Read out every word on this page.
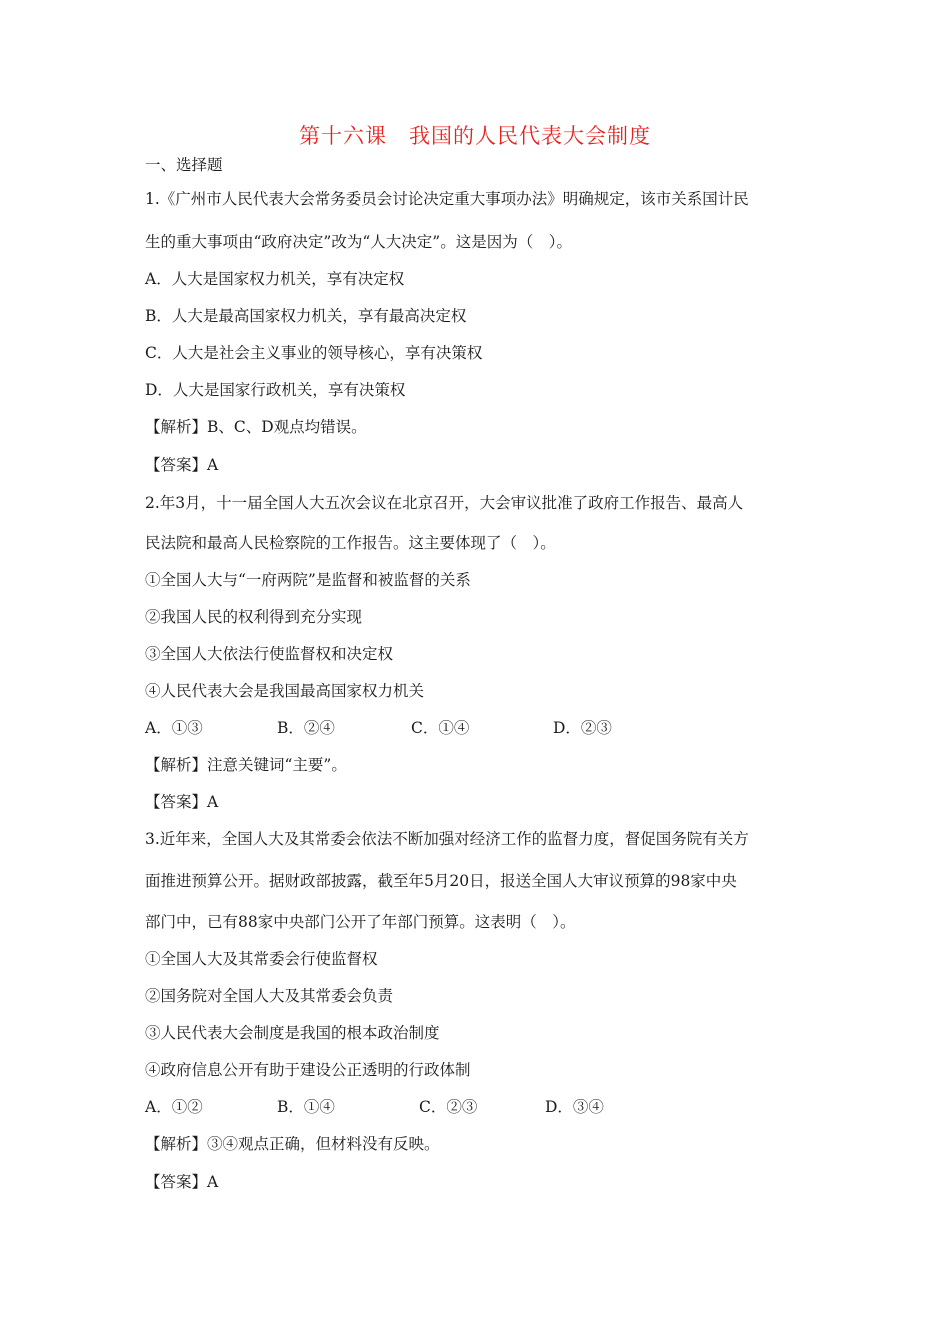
第十六课　我国的人民代表大会制度
一、选择题
1.《广州市人民代表大会常务委员会讨论决定重大事项办法》明确规定，该市关系国计民
生的重大事项由“政府决定”改为“人大决定”。这是因为（　）。
A．人大是国家权力机关，享有决定权
B．人大是最高国家权力机关，享有最高决定权
C．人大是社会主义事业的领导核心，享有决策权
D．人大是国家行政机关，享有决策权
【解析】B、C、D观点均错误。
【答案】A
2.年3月，十一届全国人大五次会议在北京召开，大会审议批准了政府工作报告、最高人
民法院和最高人民检察院的工作报告。这主要体现了（　）。
①全国人大与“一府两院”是监督和被监督的关系
②我国人民的权利得到充分实现
③全国人大依法行使监督权和决定权
④人民代表大会是我国最高国家权力机关
A．①③	B．②④	C．①④	D．②③
【解析】注意关键词“主要”。
【答案】A
3.近年来，全国人大及其常委会依法不断加强对经济工作的监督力度，督促国务院有关方
面推进预算公开。据财政部披露，截至年5月20日，报送全国人大审议预算的98家中央
部门中，已有88家中央部门公开了年部门预算。这表明（　）。
①全国人大及其常委会行使监督权
②国务院对全国人大及其常委会负责
③人民代表大会制度是我国的根本政治制度
④政府信息公开有助于建设公正透明的行政体制
A．①②	B．①④	C．②③	D．③④
【解析】③④观点正确，但材料没有反映。
【答案】A
